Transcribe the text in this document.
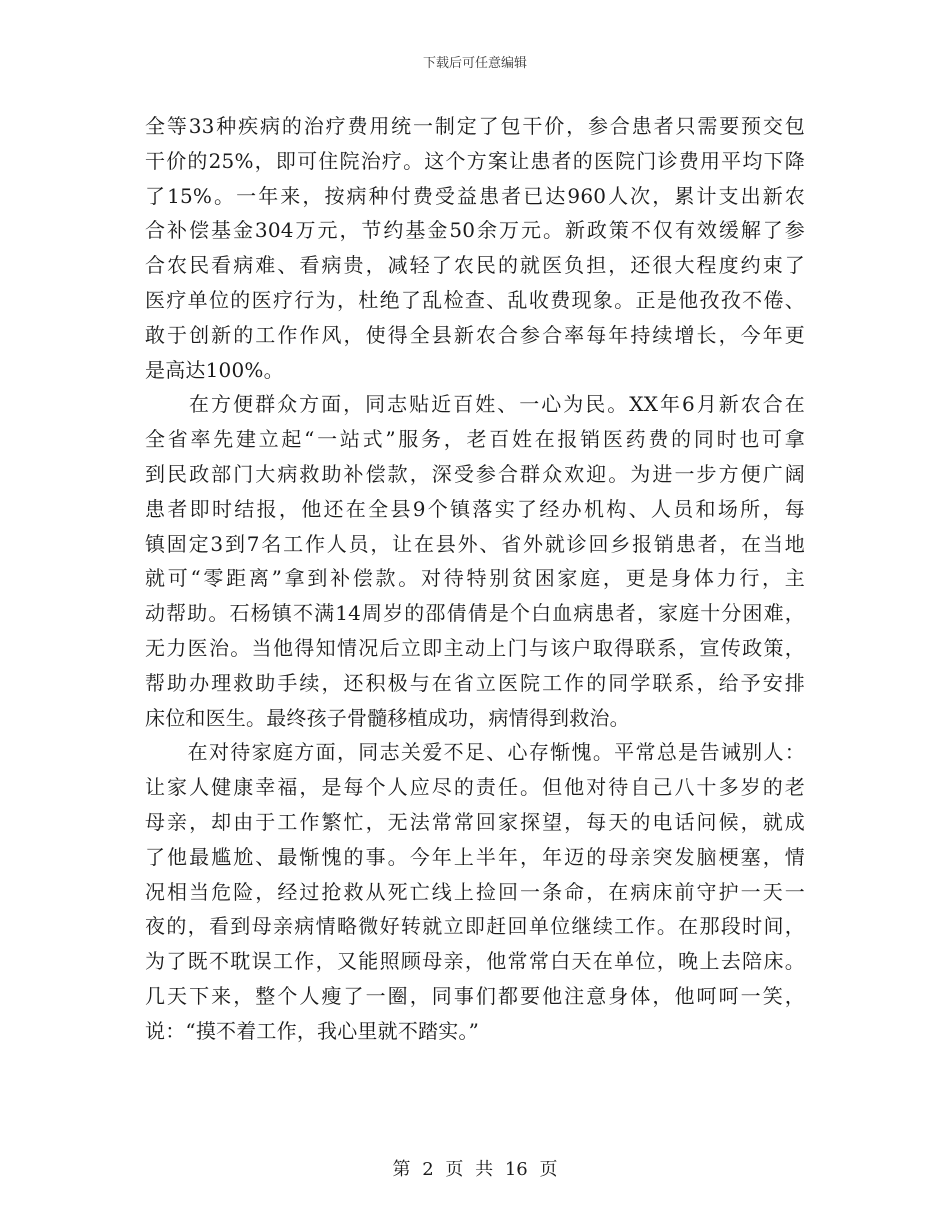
下载后可任意编辑
全等33种疾病的治疗费用统一制定了包干价，参合患者只需要预交包
干价的25%，即可住院治疗。这个方案让患者的医院门诊费用平均下降
了15%。一年来，按病种付费受益患者已达960人次，累计支出新农
合补偿基金304万元，节约基金50余万元。新政策不仅有效缓解了参
合农民看病难、看病贵，减轻了农民的就医负担，还很大程度约束了
医疗单位的医疗行为，杜绝了乱检查、乱收费现象。正是他孜孜不倦、
敢于创新的工作作风，使得全县新农合参合率每年持续增长，今年更
是高达100%。
　　在方便群众方面，同志贴近百姓、一心为民。XX年6月新农合在
全省率先建立起“一站式”服务，老百姓在报销医药费的同时也可拿
到民政部门大病救助补偿款，深受参合群众欢迎。为进一步方便广阔
患者即时结报，他还在全县9个镇落实了经办机构、人员和场所，每
镇固定3到7名工作人员，让在县外、省外就诊回乡报销患者，在当地
就可“零距离”拿到补偿款。对待特别贫困家庭，更是身体力行，主
动帮助。石杨镇不满14周岁的邵倩倩是个白血病患者，家庭十分困难，
无力医治。当他得知情况后立即主动上门与该户取得联系，宣传政策，
帮助办理救助手续，还积极与在省立医院工作的同学联系，给予安排
床位和医生。最终孩子骨髓移植成功，病情得到救治。
　　在对待家庭方面，同志关爱不足、心存惭愧。平常总是告诫别人：
让家人健康幸福，是每个人应尽的责任。但他对待自己八十多岁的老
母亲，却由于工作繁忙，无法常常回家探望，每天的电话问候，就成
了他最尴尬、最惭愧的事。今年上半年，年迈的母亲突发脑梗塞，情
况相当危险，经过抢救从死亡线上捡回一条命，在病床前守护一天一
夜的，看到母亲病情略微好转就立即赶回单位继续工作。在那段时间，
为了既不耽误工作，又能照顾母亲，他常常白天在单位，晚上去陪床。
几天下来，整个人瘦了一圈，同事们都要他注意身体，他呵呵一笑，
说：“摸不着工作，我心里就不踏实。”
第 2 页 共 16 页
